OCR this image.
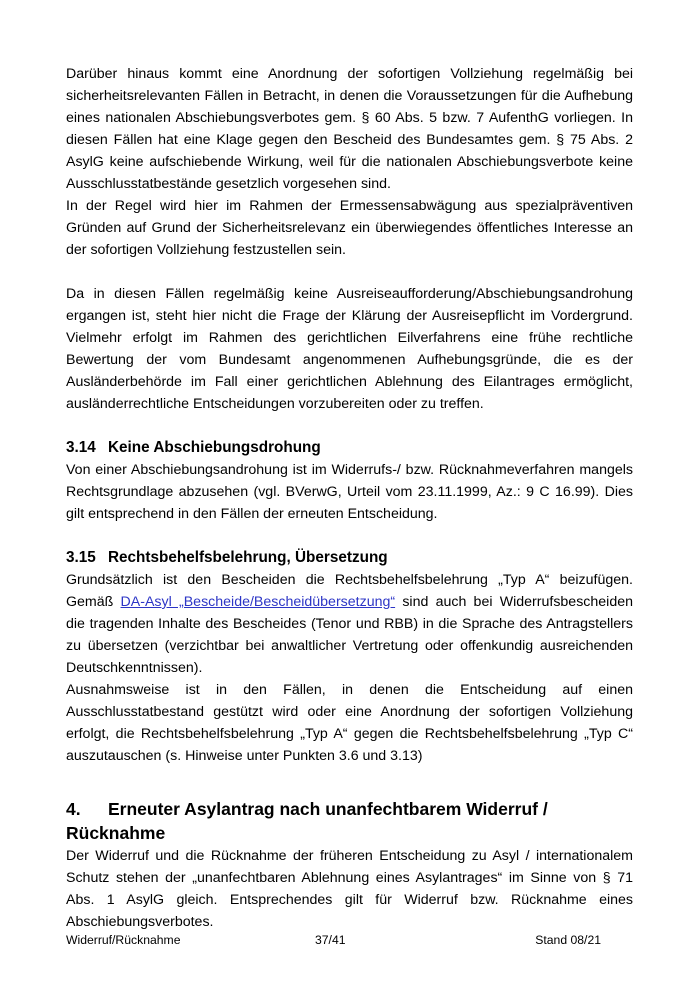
Darüber hinaus kommt eine Anordnung der sofortigen Vollziehung regelmäßig bei sicherheitsrelevanten Fällen in Betracht, in denen die Voraussetzungen für die Aufhebung eines nationalen Abschiebungsverbotes gem. § 60 Abs. 5 bzw. 7 AufenthG vorliegen. In diesen Fällen hat eine Klage gegen den Bescheid des Bundesamtes gem. § 75 Abs. 2 AsylG keine aufschiebende Wirkung, weil für die nationalen Abschiebungsverbote keine Ausschlusstatbestände gesetzlich vorgesehen sind.

In der Regel wird hier im Rahmen der Ermessensabwägung aus spezialpräventiven Gründen auf Grund der Sicherheitsrelevanz ein überwiegendes öffentliches Interesse an der sofortigen Vollziehung festzustellen sein.

Da in diesen Fällen regelmäßig keine Ausreiseaufforderung/Abschiebungsandrohung ergangen ist, steht hier nicht die Frage der Klärung der Ausreisepflicht im Vordergrund. Vielmehr erfolgt im Rahmen des gerichtlichen Eilverfahrens eine frühe rechtliche Bewertung der vom Bundesamt angenommenen Aufhebungsgründe, die es der Ausländerbehörde im Fall einer gerichtlichen Ablehnung des Eilantrages ermöglicht, ausländerrechtliche Entscheidungen vorzubereiten oder zu treffen.

3.14 Keine Abschiebungsdrohung

Von einer Abschiebungsandrohung ist im Widerrufs-/ bzw. Rücknahmeverfahren mangels Rechtsgrundlage abzusehen (vgl. BVerwG, Urteil vom 23.11.1999, Az.: 9 C 16.99). Dies gilt entsprechend in den Fällen der erneuten Entscheidung.

3.15 Rechtsbehelfsbelehrung, Übersetzung

Grundsätzlich ist den Bescheiden die Rechtsbehelfsbelehrung „Typ A“ beizufügen. Gemäß DA-Asyl „Bescheide/Bescheidübersetzung“ sind auch bei Widerrufsbescheiden die tragenden Inhalte des Bescheides (Tenor und RBB) in die Sprache des Antragstellers zu übersetzen (verzichtbar bei anwaltlicher Vertretung oder offenkundig ausreichenden Deutschkenntnissen).

Ausnahmsweise ist in den Fällen, in denen die Entscheidung auf einen Ausschlusstatbestand gestützt wird oder eine Anordnung der sofortigen Vollziehung erfolgt, die Rechtsbehelfsbelehrung „Typ A“ gegen die Rechtsbehelfsbelehrung „Typ C“ auszutauschen (s. Hinweise unter Punkten 3.6 und 3.13)

4. Erneuter Asylantrag nach unanfechtbarem Widerruf / Rücknahme

Der Widerruf und die Rücknahme der früheren Entscheidung zu Asyl / internationalem Schutz stehen der „unanfechtbaren Ablehnung eines Asylantrages“ im Sinne von § 71 Abs. 1 AsylG gleich. Entsprechendes gilt für Widerruf bzw. Rücknahme eines Abschiebungsverbotes.

Widerruf/Rücknahme	37/41	Stand 08/21
